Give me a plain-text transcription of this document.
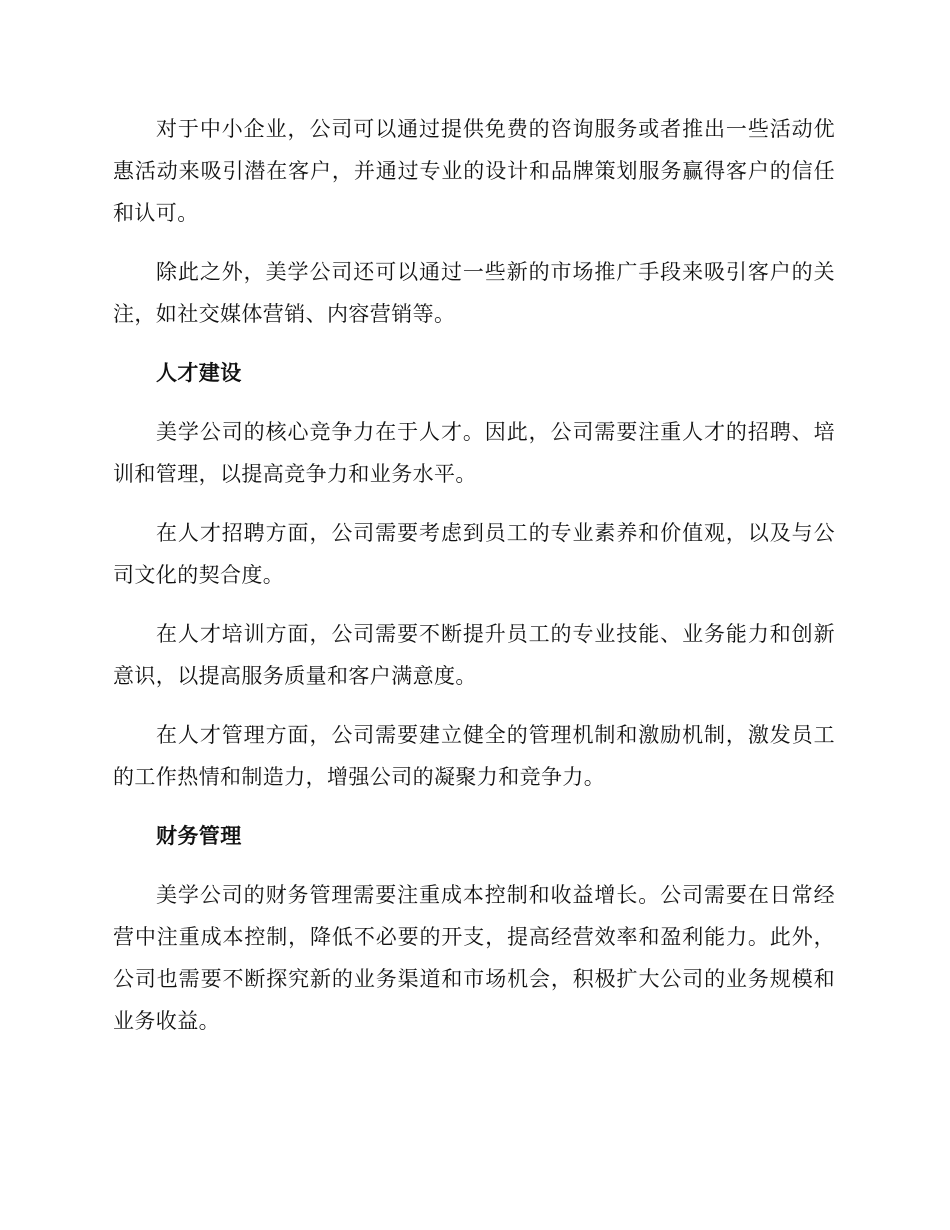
对于中小企业，公司可以通过提供免费的咨询服务或者推出一些活动优惠活动来吸引潜在客户，并通过专业的设计和品牌策划服务赢得客户的信任和认可。

除此之外，美学公司还可以通过一些新的市场推广手段来吸引客户的关注，如社交媒体营销、内容营销等。

人才建设

美学公司的核心竞争力在于人才。因此，公司需要注重人才的招聘、培训和管理，以提高竞争力和业务水平。

在人才招聘方面，公司需要考虑到员工的专业素养和价值观，以及与公司文化的契合度。

在人才培训方面，公司需要不断提升员工的专业技能、业务能力和创新意识，以提高服务质量和客户满意度。

在人才管理方面，公司需要建立健全的管理机制和激励机制，激发员工的工作热情和制造力，增强公司的凝聚力和竞争力。

财务管理

美学公司的财务管理需要注重成本控制和收益增长。公司需要在日常经营中注重成本控制，降低不必要的开支，提高经营效率和盈利能力。此外，公司也需要不断探究新的业务渠道和市场机会，积极扩大公司的业务规模和业务收益。
